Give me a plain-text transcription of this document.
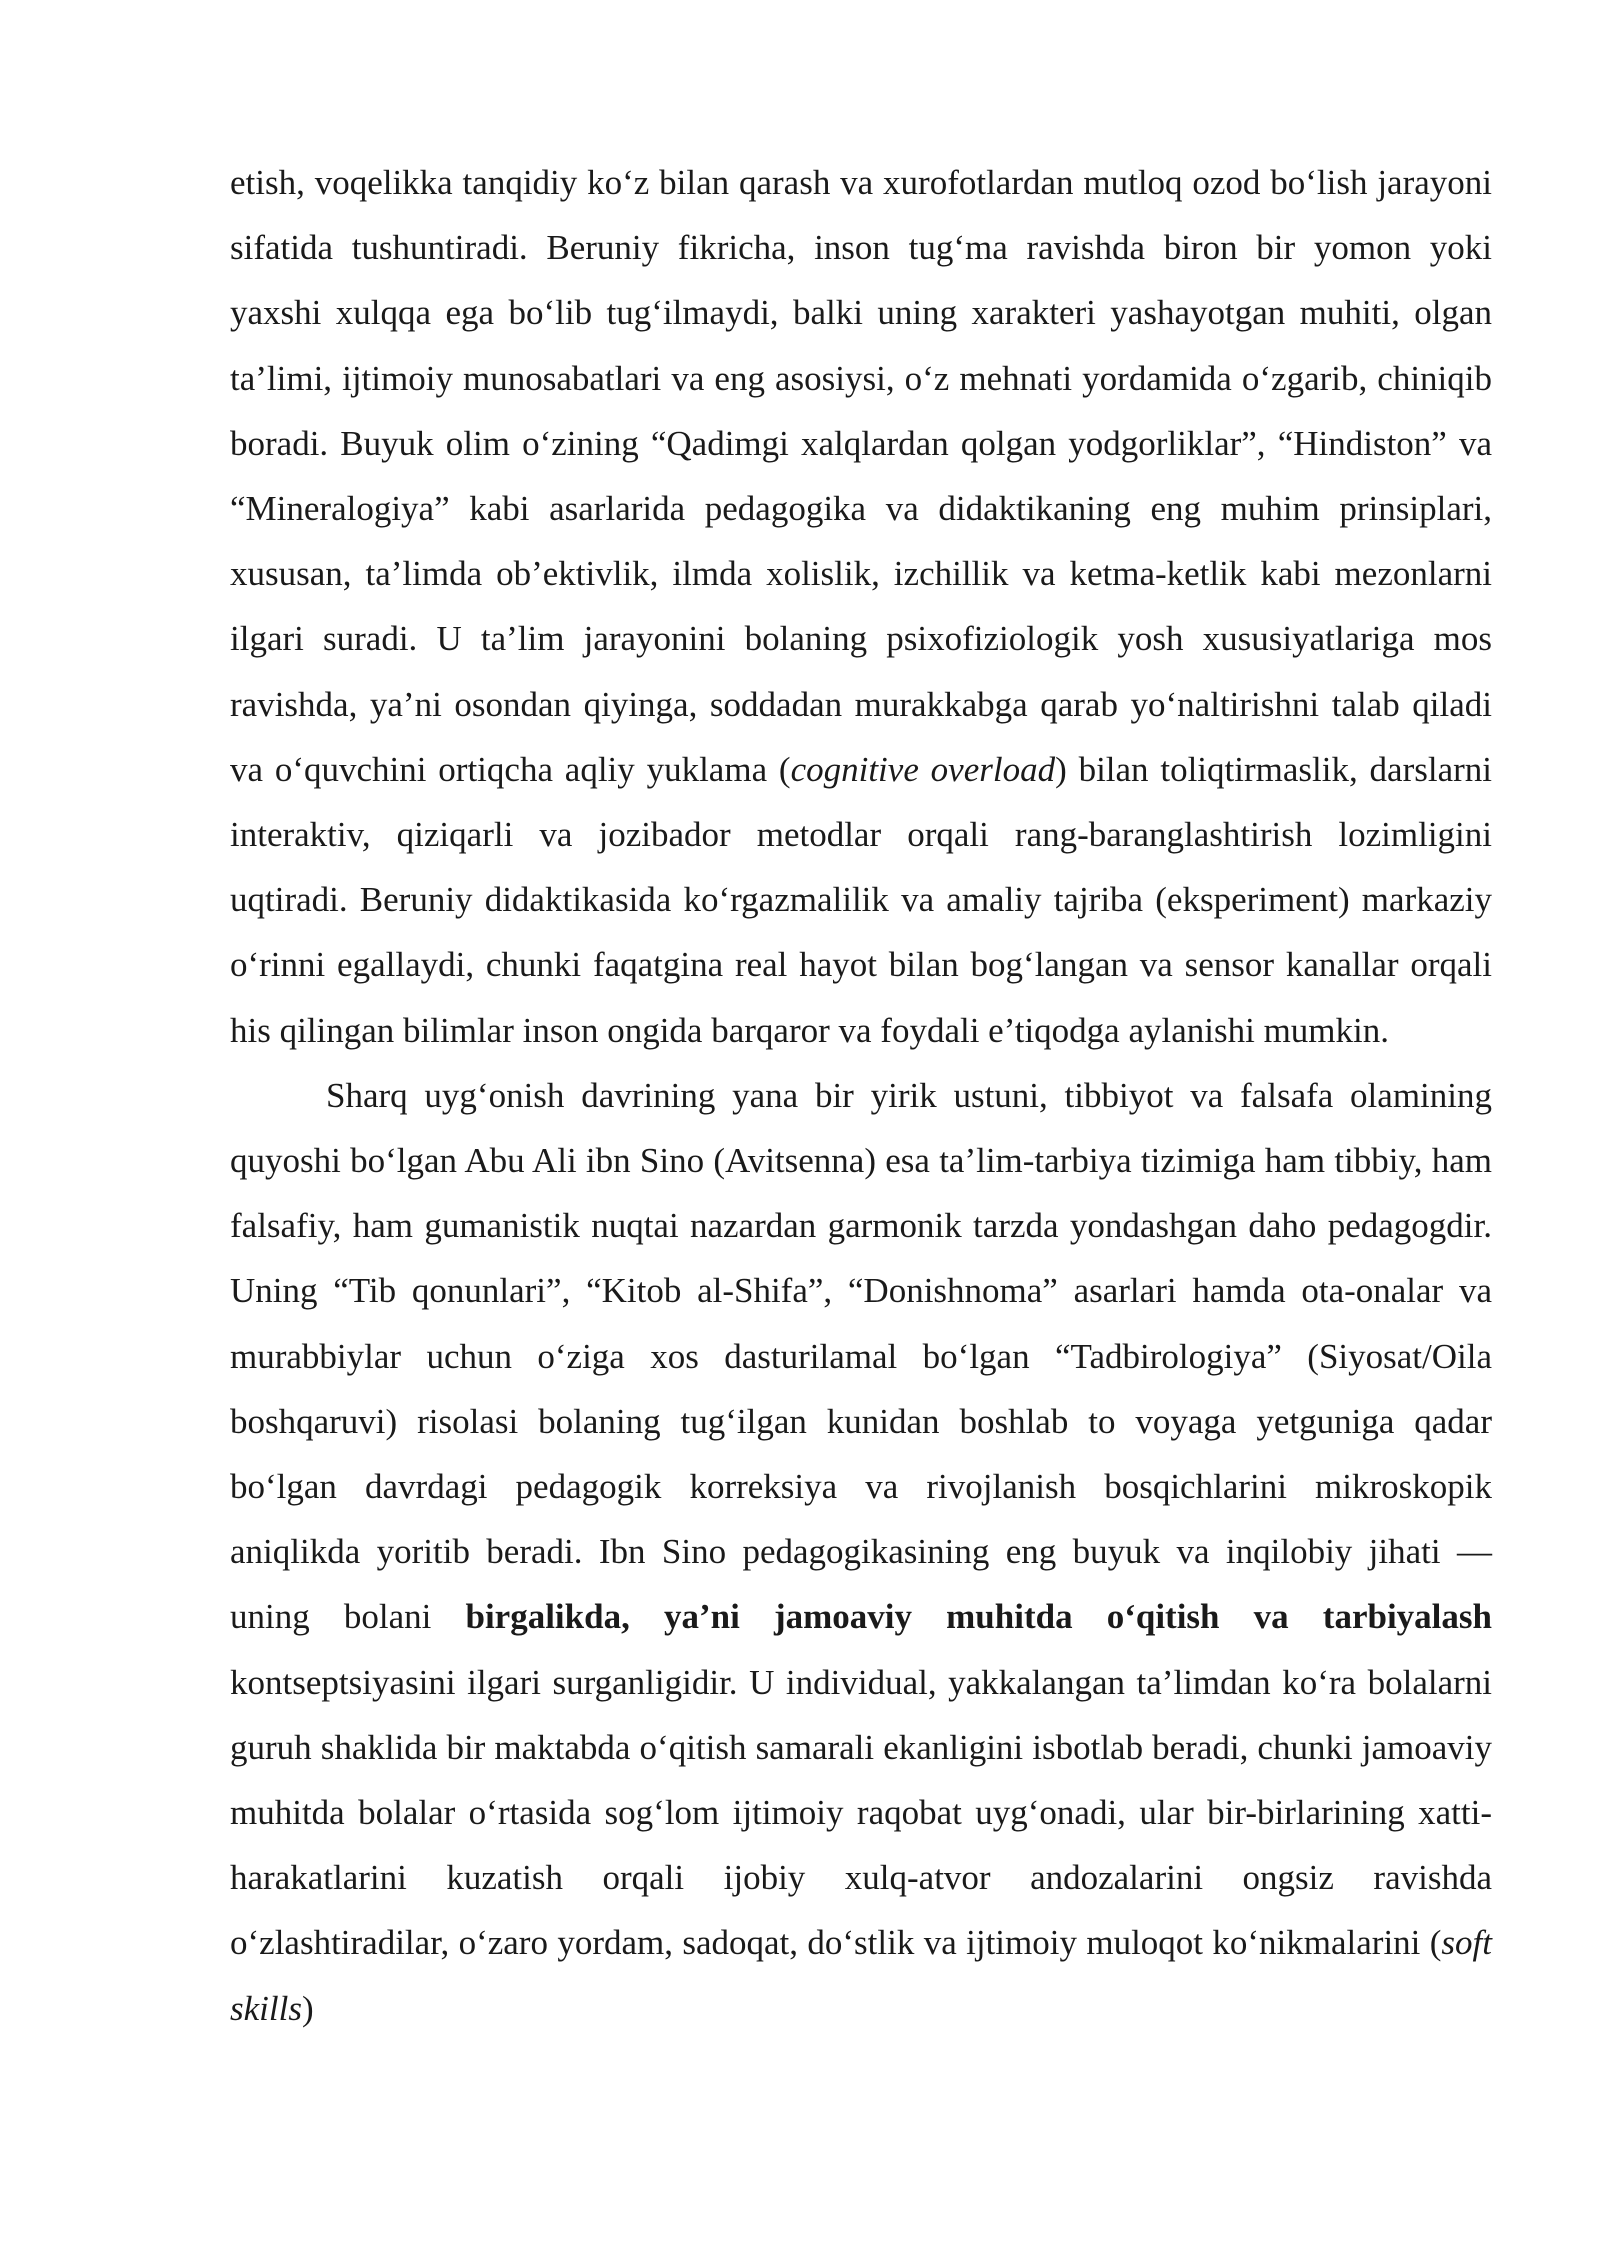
etish, voqelikka tanqidiy ko‘z bilan qarash va xurofotlardan mutloq ozod bo‘lish jarayoni sifatida tushuntiradi. Beruniy fikricha, inson tug‘ma ravishda biron bir yomon yoki yaxshi xulqqa ega bo‘lib tug‘ilmaydi, balki uning xarakteri yashayotgan muhiti, olgan ta’limi, ijtimoiy munosabatlari va eng asosiysi, o‘z mehnati yordamida o‘zgarib, chiniqib boradi. Buyuk olim o‘zining “Qadimgi xalqlardan qolgan yodgorliklar”, “Hindiston” va “Mineralogiya” kabi asarlarida pedagogika va didaktikaning eng muhim prinsiplari, xususan, ta’limda ob’ektivlik, ilmda xolislik, izchillik va ketma-ketlik kabi mezonlarni ilgari suradi. U ta’lim jarayonini bolaning psixofiziologik yosh xususiyatlariga mos ravishda, ya’ni osondan qiyinga, soddadan murakkabga qarab yo‘naltirishni talab qiladi va o‘quvchini ortiqcha aqliy yuklama (cognitive overload) bilan toliqtirmaslik, darslarni interaktiv, qiziqarli va jozibador metodlar orqali rang-baranglashtirish lozimligini uqtiradi. Beruniy didaktikasida ko‘rgazmalilik va amaliy tajriba (eksperiment) markaziy o‘rinni egallaydi, chunki faqatgina real hayot bilan bog‘langan va sensor kanallar orqali his qilingan bilimlar inson ongida barqaror va foydali e’tiqodga aylanishi mumkin.

Sharq uyg‘onish davrining yana bir yirik ustuni, tibbiyot va falsafa olamining quyoshi bo‘lgan Abu Ali ibn Sino (Avitsenna) esa ta’lim-tarbiya tizimiga ham tibbiy, ham falsafiy, ham gumanistik nuqtai nazardan garmonik tarzda yondashgan daho pedagogdir. Uning “Tib qonunlari”, “Kitob al-Shifa”, “Donishnoma” asarlari hamda ota-onalar va murabbiylar uchun o‘ziga xos dasturilamal bo‘lgan “Tadbirologiya” (Siyosat/Oila boshqaruvi) risolasi bolaning tug‘ilgan kunidan boshlab to voyaga yetguniga qadar bo‘lgan davrdagi pedagogik korreksiya va rivojlanish bosqichlarini mikroskopik aniqlikda yoritib beradi. Ibn Sino pedagogikasining eng buyuk va inqilobiy jihati — uning bolani birgalikda, ya’ni jamoaviy muhitda o‘qitish va tarbiyalash kontseptsiyasini ilgari surganligidir. U individual, yakkalangan ta’limdan ko‘ra bolalarni guruh shaklida bir maktabda o‘qitish samarali ekanligini isbotlab beradi, chunki jamoaviy muhitda bolalar o‘rtasida sog‘lom ijtimoiy raqobat uyg‘onadi, ular bir-birlarining xatti-harakatlarini kuzatish orqali ijobiy xulq-atvor andozalarini ongsiz ravishda o‘zlashtiradilar, o‘zaro yordam, sadoqat, do‘stlik va ijtimoiy muloqot ko‘nikmalarini (soft skills)
